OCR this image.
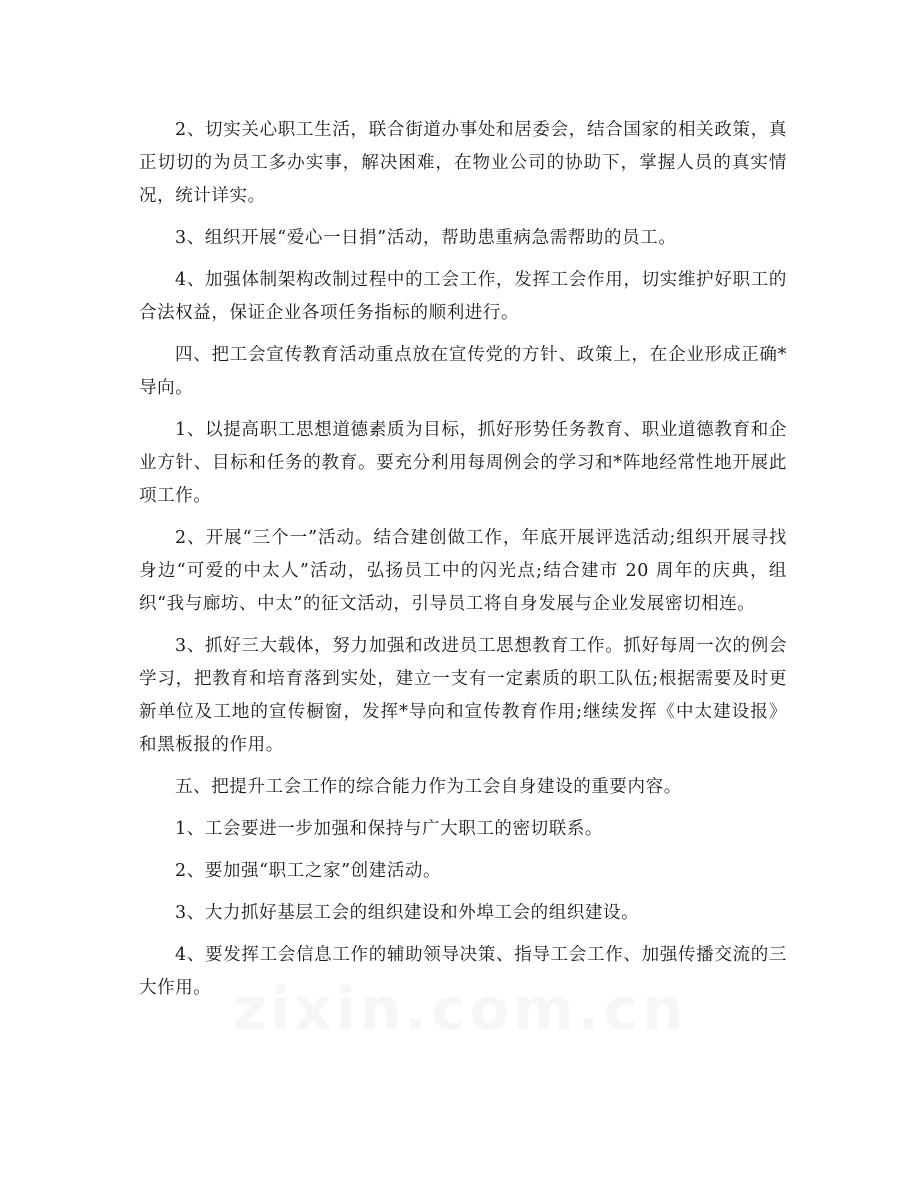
2、切实关心职工生活，联合街道办事处和居委会，结合国家的相关政策，真正切切的为员工多办实事，解决困难，在物业公司的协助下，掌握人员的真实情况，统计详实。

3、组织开展“爱心一日捐”活动，帮助患重病急需帮助的员工。

4、加强体制架构改制过程中的工会工作，发挥工会作用，切实维护好职工的合法权益，保证企业各项任务指标的顺利进行。

四、把工会宣传教育活动重点放在宣传党的方针、政策上，在企业形成正确*导向。

1、以提高职工思想道德素质为目标，抓好形势任务教育、职业道德教育和企业方针、目标和任务的教育。要充分利用每周例会的学习和*阵地经常性地开展此项工作。

2、开展“三个一”活动。结合建创做工作，年底开展评选活动;组织开展寻找身边“可爱的中太人”活动，弘扬员工中的闪光点;结合建市 20 周年的庆典，组织“我与廊坊、中太”的征文活动，引导员工将自身发展与企业发展密切相连。

3、抓好三大载体，努力加强和改进员工思想教育工作。抓好每周一次的例会学习，把教育和培育落到实处，建立一支有一定素质的职工队伍;根据需要及时更新单位及工地的宣传橱窗，发挥*导向和宣传教育作用;继续发挥《中太建设报》和黑板报的作用。

五、把提升工会工作的综合能力作为工会自身建设的重要内容。

1、工会要进一步加强和保持与广大职工的密切联系。

2、要加强“职工之家”创建活动。

3、大力抓好基层工会的组织建设和外埠工会的组织建设。

4、要发挥工会信息工作的辅助领导决策、指导工会工作、加强传播交流的三大作用。
